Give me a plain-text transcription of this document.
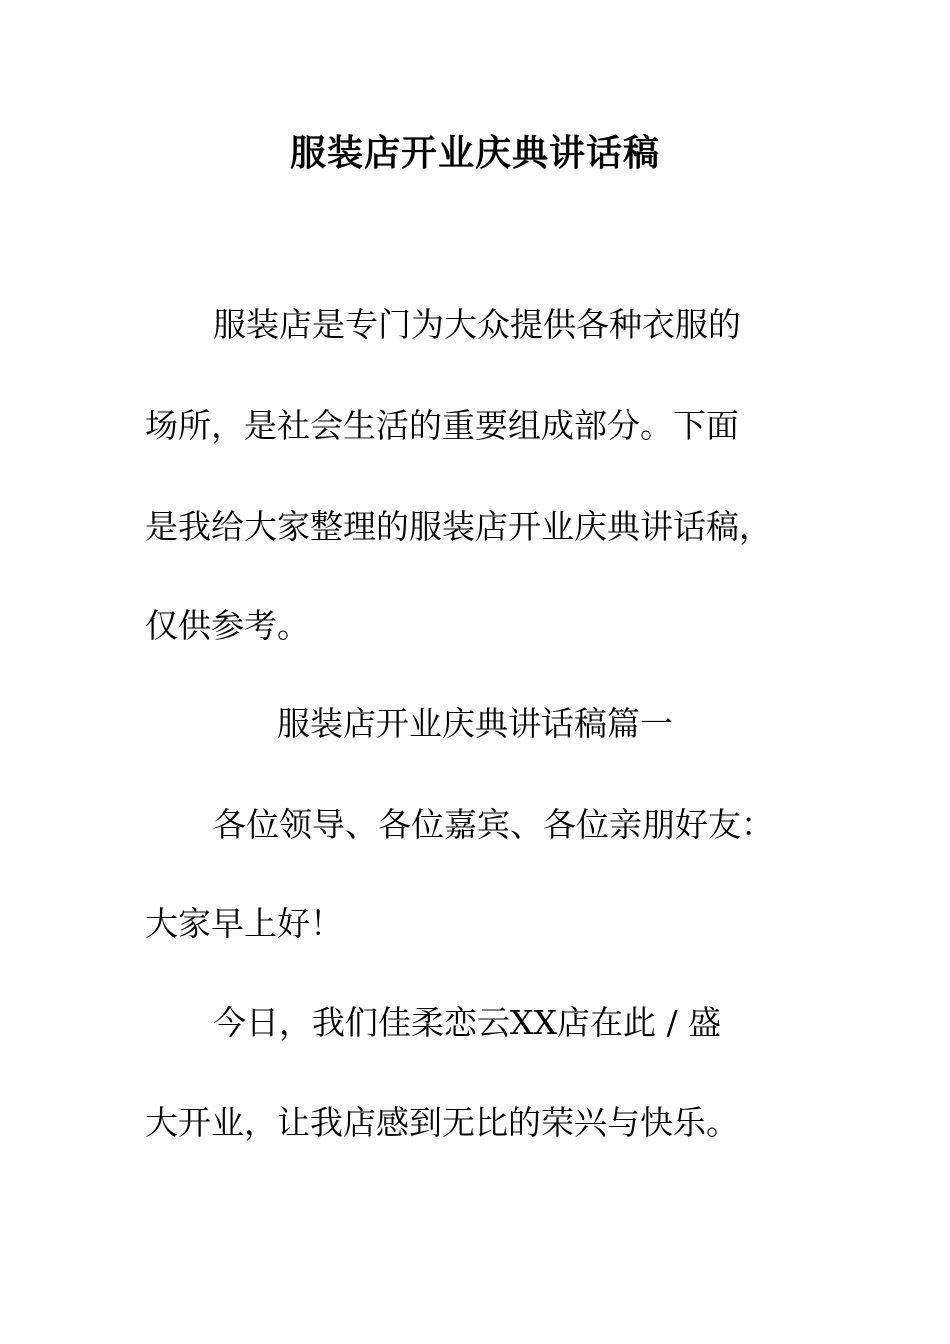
服装店开业庆典讲话稿

服装店是专门为大众提供各种衣服的

场所，是社会生活的重要组成部分。下面

是我给大家整理的服装店开业庆典讲话稿，

仅供参考。

服装店开业庆典讲话稿篇一

各位领导、各位嘉宾、各位亲朋好友：

大家早上好！

今日，我们佳柔恋云XX店在此 / 盛

大开业，让我店感到无比的荣兴与快乐。
